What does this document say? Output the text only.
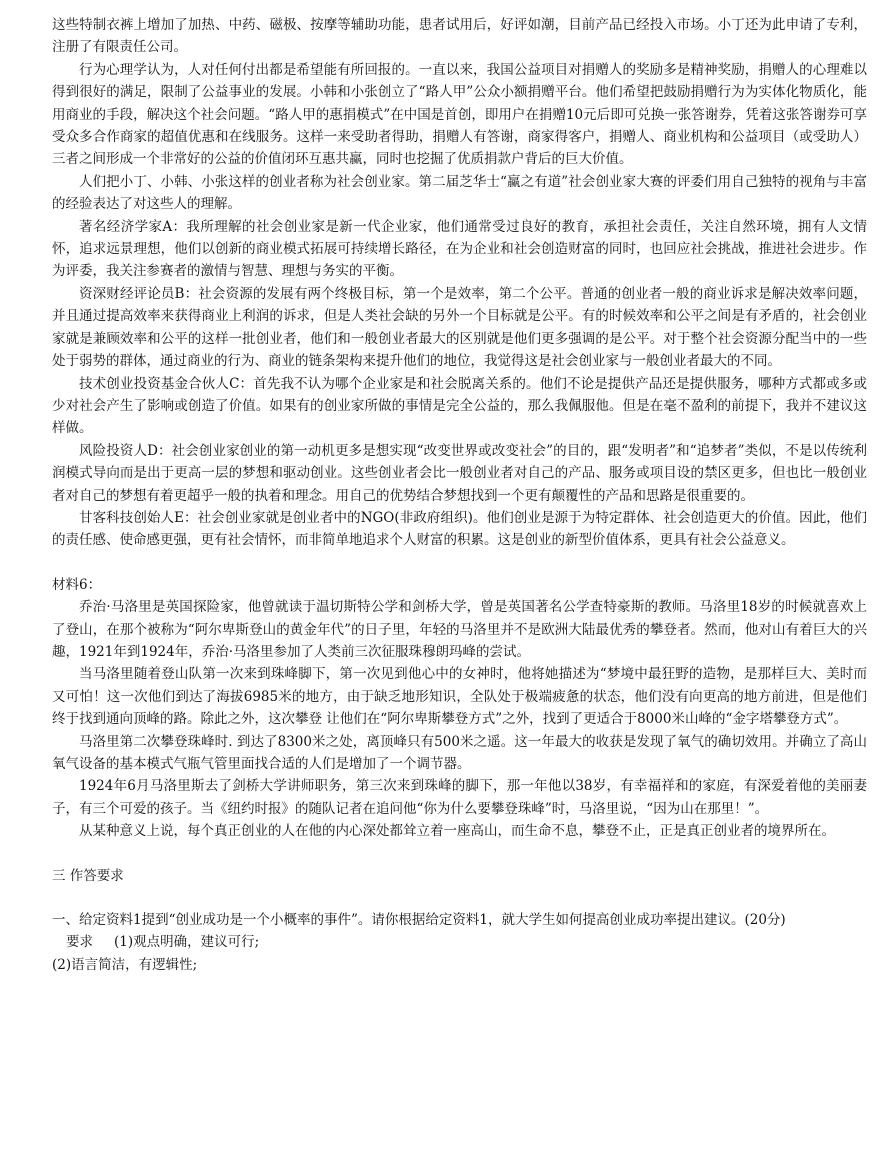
这些特制衣裤上增加了加热、中药、磁极、按摩等辅助功能，患者试用后，好评如潮，目前产品已经投入市场。小丁还为此申请了专利，注册了有限责任公司。

行为心理学认为，人对任何付出都是希望能有所回报的。一直以来，我国公益项目对捐赠人的奖励多是精神奖励，捐赠人的心理难以得到很好的满足，限制了公益事业的发展。小韩和小张创立了“路人甲”公众小额捐赠平台。他们希望把鼓励捐赠行为为实体化物质化，能用商业的手段，解决这个社会问题。“路人甲的惠捐模式”在中国是首创，即用户在捐赠10元后即可兑换一张答谢券，凭着这张答谢券可享受众多合作商家的超值优惠和在线服务。这样一来受助者得助，捐赠人有答谢，商家得客户，捐赠人、商业机构和公益项目（或受助人）三者之间形成一个非常好的公益的价值闭环互惠共赢，同时也挖掘了优质捐款户背后的巨大价值。

人们把小丁、小韩、小张这样的创业者称为社会创业家。第二届芝华士“赢之有道”社会创业家大赛的评委们用自己独特的视角与丰富的经验表达了对这些人的理解。

著名经济学家A：我所理解的社会创业家是新一代企业家，他们通常受过良好的教育，承担社会责任，关注自然环境，拥有人文情怀，追求远景理想，他们以创新的商业模式拓展可持续增长路径，在为企业和社会创造财富的同时，也回应社会挑战，推进社会进步。作为评委，我关注参赛者的激情与智慧、理想与务实的平衡。

资深财经评论员B：社会资源的发展有两个终极目标，第一个是效率，第二个公平。普通的创业者一般的商业诉求是解决效率问题，并且通过提高效率来获得商业上利润的诉求，但是人类社会缺的另外一个目标就是公平。有的时候效率和公平之间是有矛盾的，社会创业家就是兼顾效率和公平的这样一批创业者，他们和一般创业者最大的区别就是他们更多强调的是公平。对于整个社会资源分配当中的一些处于弱势的群体，通过商业的行为、商业的链条架构来提升他们的地位，我觉得这是社会创业家与一般创业者最大的不同。

技术创业投资基金合伙人C：首先我不认为哪个企业家是和社会脱离关系的。他们不论是提供产品还是提供服务，哪种方式都或多或少对社会产生了影响或创造了价值。如果有的创业家所做的事情是完全公益的，那么我佩服他。但是在毫不盈利的前提下，我并不建议这样做。

风险投资人D：社会创业家创业的第一动机更多是想实现“改变世界或改变社会”的目的，跟“发明者”和“追梦者”类似，不是以传统利润模式导向而是出于更高一层的梦想和驱动创业。这些创业者会比一般创业者对自己的产品、服务或项目设的禁区更多，但也比一般创业者对自己的梦想有着更超乎一般的执着和理念。用自己的优势结合梦想找到一个更有颠覆性的产品和思路是很重要的。

甘客科技创始人E：社会创业家就是创业者中的NGO(非政府组织)。他们创业是源于为特定群体、社会创造更大的价值。因此，他们的责任感、使命感更强，更有社会情怀，而非简单地追求个人财富的积累。这是创业的新型价值体系，更具有社会公益意义。

材料6：

乔治·马洛里是英国探险家，他曾就读于温切斯特公学和剑桥大学，曾是英国著名公学查特豪斯的教师。马洛里18岁的时候就喜欢上了登山，在那个被称为“阿尔卑斯登山的黄金年代”的日子里，年轻的马洛里并不是欧洲大陆最优秀的攀登者。然而，他对山有着巨大的兴趣，1921年到1924年，乔治·马洛里参加了人类前三次征服珠穆朗玛峰的尝试。

当马洛里随着登山队第一次来到珠峰脚下，第一次见到他心中的女神时，他将她描述为“梦境中最狂野的造物，是那样巨大、美时而又可怕！这一次他们到达了海拔6985米的地方，由于缺乏地形知识，全队处于极端疲惫的状态，他们没有向更高的地方前进，但是他们终于找到通向顶峰的路。除此之外，这次攀登 让他们在“阿尔卑斯攀登方式”之外，找到了更适合于8000米山峰的“金字塔攀登方式”。

马洛里第二次攀登珠峰时. 到达了8300米之处，离顶峰只有500米之遥。这一年最大的收获是发现了氧气的确切效用。并确立了高山氧气设备的基本模式气瓶气管里面找合适的人们是增加了一个调节器。

1924年6月马洛里斯去了剑桥大学讲师职务，第三次来到珠峰的脚下，那一年他以38岁，有幸福祥和的家庭，有深爱着他的美丽妻子，有三个可爱的孩子。当《纽约时报》的随队记者在追问他“你为什么要攀登珠峰”时，马洛里说，“因为山在那里！”。

从某种意义上说，每个真正创业的人在他的内心深处都耸立着一座高山，而生命不息，攀登不止，正是真正创业者的境界所在。

三 作答要求

一、给定资料1提到“创业成功是一个小概率的事件”。请你根据给定资料1，就大学生如何提高创业成功率提出建议。(20分)

要求	(1)观点明确，建议可行;

(2)语言简洁，有逻辑性;
